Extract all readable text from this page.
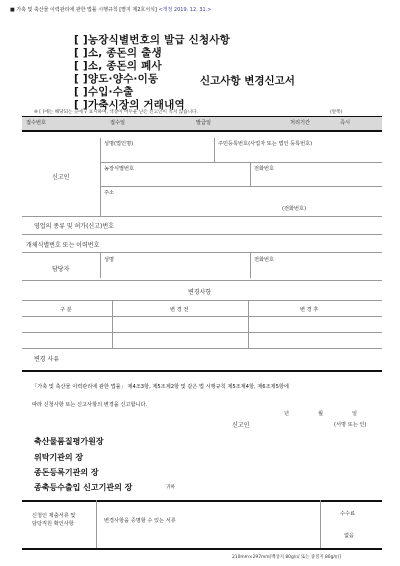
■ 가축 및 축산물 이력관리에 관한 법률 시행규칙 [별지 제2호서식] <개정 2019. 12. 31.>
[ ]농장식별번호의 발급 신청사항
[ ]소, 종돈의 출생
[ ]소, 종돈의 폐사
[ ]양도·양수·이동
[ ]수입·수출
[ ]가축시장의 거래내역
신고사항 변경신고서
※ [ ]에는 해당되는 곳에 √ 표시하며, 색상이 어두운 난은 신고인이 적지 않습니다.	(앞쪽)
접수번호	접수일	발급일	처리기간	즉시
신고인
성명(법인명)	주민등록번호(사업자 또는 법인 등록번호)
농장식별번호	전화번호
주소
(전화번호)
영업의 종류 및 허가(신고)번호
개체식별번호 또는 이력번호
담당자
성명	전화번호
변경사항
구 분	변 경 전	변 경 후
변경 사유
「가축 및 축산물 이력관리에 관한 법률」 제4조3항, 제5조제2항 및 같은 법 시행규칙 제5조제4항, 제6조제5항에
따라 신청사항 또는 신고사항의 변경을 신고합니다.
년	월	일
신고인	(서명 또는 인)
축산물품질평가원장
위탁기관의 장
종돈등록기관의 장
종축등수출입 신고기관의 장	귀하
신청인 제출서류 및
담당직원 확인사항	변경사항을 증명할 수 있는 서류
수수료
없음
210mm×297mm[백상지 80g/㎡ 또는 중질지 80g/㎡]
